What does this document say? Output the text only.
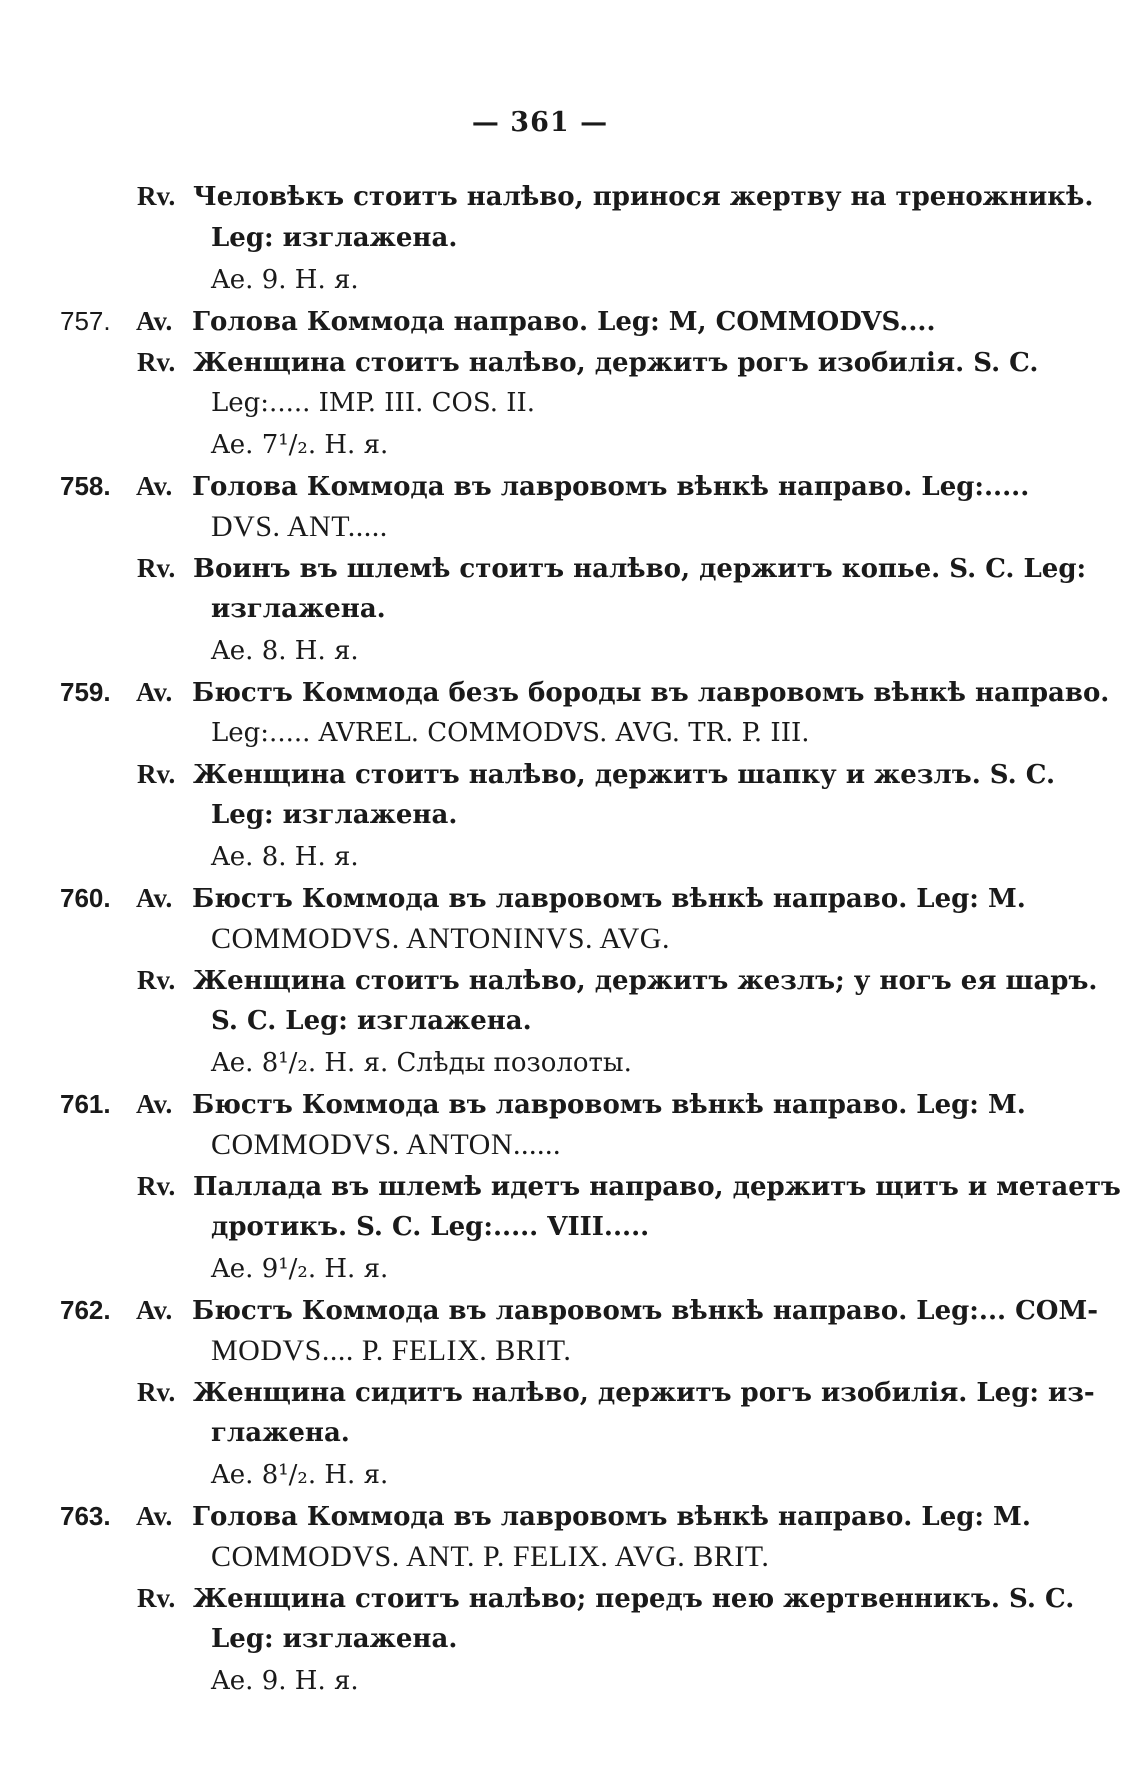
— 361 —
Rv. Человѣкъ стоитъ налѣво, принося жертву на треножникѣ.
Leg: изглажена.
Ae. 9. Н. я.
757. Av. Голова Коммода направо. Leg: M, COMMODVS....
Rv. Женщина стоитъ налѣво, держитъ рогъ изобилія. S. C.
Leg:..... IMP. III. COS. II.
Ae. 7¹/₂. Н. я.
758. Av. Голова Коммода въ лавровомъ вѣнкѣ направо. Leg:.....
DVS. ANT.....
Rv. Воинъ въ шлемѣ стоитъ налѣво, держитъ копье. S. C. Leg:
изглажена.
Ae. 8. Н. я.
759. Av. Бюстъ Коммода безъ бороды въ лавровомъ вѣнкѣ направо.
Leg:..... AVREL. COMMODVS. AVG. TR. P. III.
Rv. Женщина стоитъ налѣво, держитъ шапку и жезлъ. S. C.
Leg: изглажена.
Ae. 8. Н. я.
760. Av. Бюстъ Коммода въ лавровомъ вѣнкѣ направо. Leg: M.
COMMODVS. ANTONINVS. AVG.
Rv. Женщина стоитъ налѣво, держитъ жезлъ; у ногъ ея шаръ.
S. C. Leg: изглажена.
Ae. 8¹/₂. Н. я. Слѣды позолоты.
761. Av. Бюстъ Коммода въ лавровомъ вѣнкѣ направо. Leg: M.
COMMODVS. ANTON......
Rv. Паллада въ шлемѣ идетъ направо, держитъ щитъ и метаетъ
дротикъ. S. C. Leg:..... VIII.....
Ae. 9¹/₂. Н. я.
762. Av. Бюстъ Коммода въ лавровомъ вѣнкѣ направо. Leg:... COM-
MODVS.... P. FELIX. BRIT.
Rv. Женщина сидитъ налѣво, держитъ рогъ изобилія. Leg: из-
глажена.
Ae. 8¹/₂. Н. я.
763. Av. Голова Коммода въ лавровомъ вѣнкѣ направо. Leg: M.
COMMODVS. ANT. P. FELIX. AVG. BRIT.
Rv. Женщина стоитъ налѣво; передъ нею жертвенникъ. S. C.
Leg: изглажена.
Ae. 9. Н. я.
